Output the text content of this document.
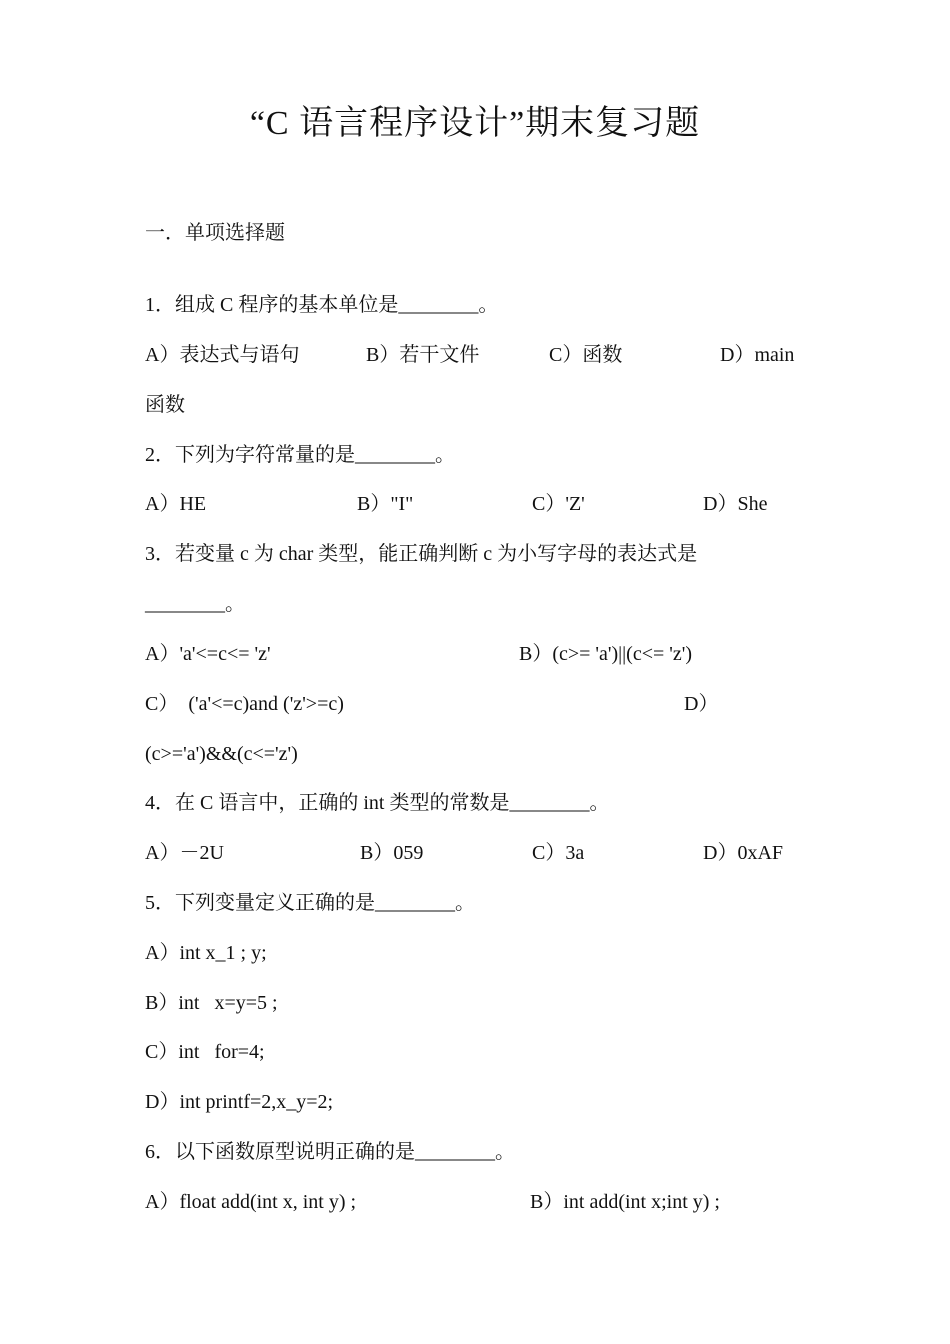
“C 语言程序设计”期末复习题
一．单项选择题
1．组成 C 程序的基本单位是________。
A）表达式与语句	B）若干文件	C）函数	D）main
函数
2．下列为字符常量的是________。
A）HE	B）"I"	C）'Z'	D）She
3．若变量 c 为 char 类型，能正确判断 c 为小写字母的表达式是
________。
A）'a'<=c<= 'z'	B）(c>= 'a')||(c<= 'z')
C）  ('a'<=c)and ('z'>=c)	D）
(c>='a')&&(c<='z')
4．在 C 语言中，正确的 int 类型的常数是________。
A）－2U	B）059	C）3a	D）0xAF
5．下列变量定义正确的是________。
A）int x_1 ; y;
B）int   x=y=5 ;
C）int   for=4;
D）int printf=2,x_y=2;
6．以下函数原型说明正确的是________。
A）float add(int x, int y) ;	B）int add(int x;int y) ;
